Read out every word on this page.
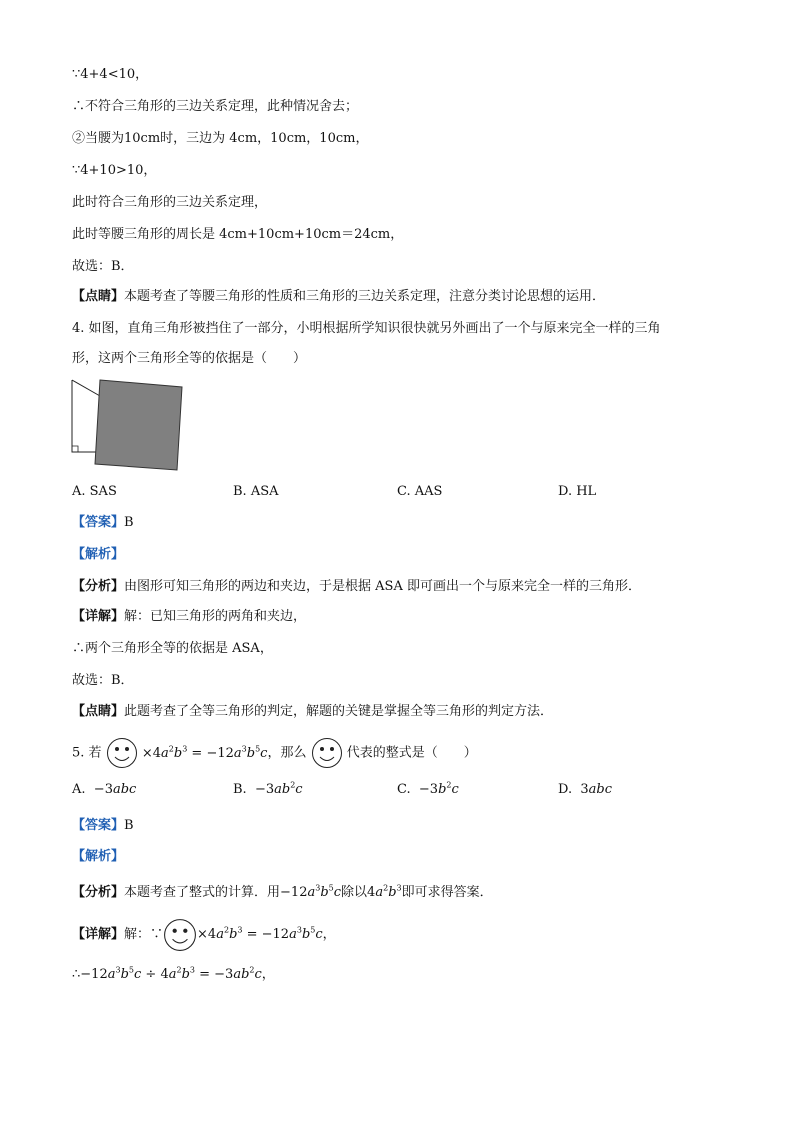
∵4+4<10，
∴不符合三角形的三边关系定理，此种情况舍去；
②当腰为10cm时，三边为 4cm，10cm，10cm，
∵4+10>10，
此时符合三角形的三边关系定理，
此时等腰三角形的周长是 4cm+10cm+10cm＝24cm，
故选：B．
【点睛】本题考查了等腰三角形的性质和三角形的三边关系定理，注意分类讨论思想的运用．
4. 如图，直角三角形被挡住了一部分，小明根据所学知识很快就另外画出了一个与原来完全一样的三角
形，这两个三角形全等的依据是（　　）
A. SAS	B. ASA	C. AAS	D. HL
【答案】B
【解析】
【分析】由图形可知三角形的两边和夹边，于是根据 ASA 即可画出一个与原来完全一样的三角形．
【详解】解：已知三角形的两角和夹边，
∴两个三角形全等的依据是 ASA，
故选：B．
【点睛】此题考查了全等三角形的判定，解题的关键是掌握全等三角形的判定方法．
5. 若	$\times 4a^2b^3 = -12a^3b^5c$，那么	代表的整式是（　　）
A.  −3abc	B.  $-3ab^2c$	C.  $-3b^2c$	D.  3abc
【答案】B
【解析】
【分析】本题考查了整式的计算．用$-12a^3b^5c$除以$4a^2b^3$即可求得答案．
【详解】解：∵	$\times 4a^2b^3 = -12a^3b^5c$，
$\therefore-12a^3b^5c \div 4a^2b^3 = -3ab^2c$，
